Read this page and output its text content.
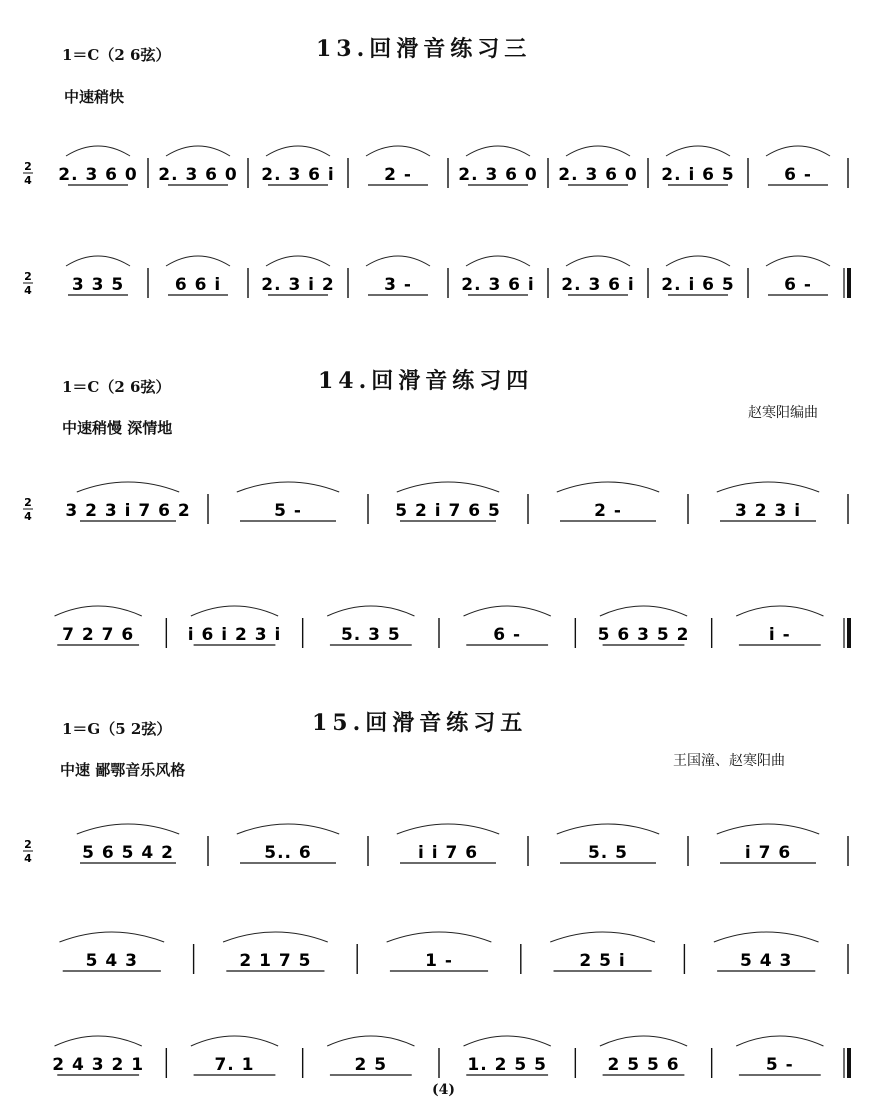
1＝C（2 6弦）	13.回滑音练习三
中速稍快
2
4 2. 3 6 0 2. 3 6 0 2. 3 6 i	2 -	2. 3 6 0 2. 3 6 0 2. i 6 5	6 -
2
4 3 3 5	6 6 i 2. 3 i 2	3 -	2. 3 6 i 2. 3 6 i 2. i 6 5	6 -
1＝C（2 6弦）	14.回滑音练习四
赵寒阳编曲
中速稍慢 深情地
2
4 3 2 3 i 7 6 2	5 -	5 2 i 7 6 5	2 -	3 2 3 i
7 2 7 6	i 6 i 2 3 i	5. 3 5	6 -	5 6 3 5 2	i -
1＝G（5 2弦）	15.回滑音练习五
王国潼、赵寒阳曲
中速 鄙鄂音乐风格
2
4	5 6 5 4 2	5.. 6	i i 7 6	5. 5	i 7 6
5 4 3	2 1 7 5	1 -	2 5 i	5 4 3
2 4 3 2 1	7. 1	2 5	1. 2 5 5	2 5 5 6	5 -
(4)
